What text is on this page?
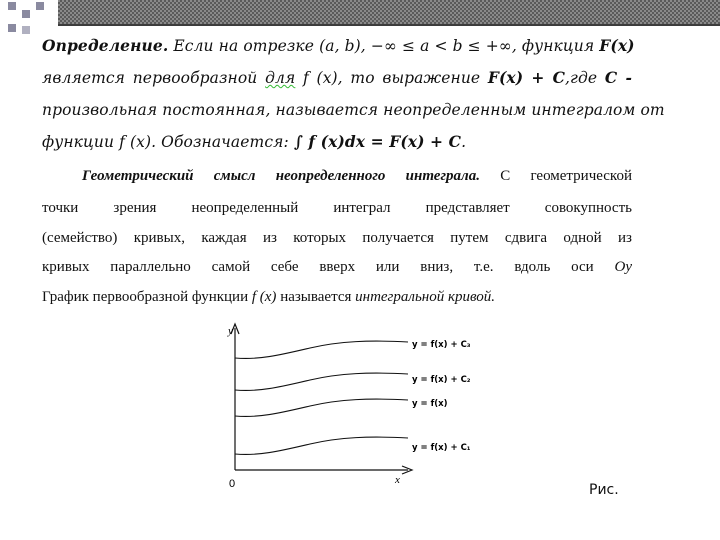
Определение. Если на отрезке (a, b), −∞ ≤ a < b ≤ +∞, функция F(x)
является первообразной для f (x), то выражение F(x) + C,где C -
произвольная постоянная, называется неопределенным интегралом от
функции f (x). Обозначается: ∫ f (x)dx = F(x) + C.
Геометрический смысл неопределенного интеграла. С геометрической
точки зрения неопределенный интеграл представляет совокупность
(семейство) кривых, каждая из которых получается путем сдвига одной из
кривых параллельно самой себе вверх или вниз, т.е. вдоль оси Oy
График первообразной функции f (x) называется интегральной кривой.
y
x
0
y = f(x) + C₃
y = f(x) + C₂
y = f(x)
y = f(x) + C₁
Рис.
